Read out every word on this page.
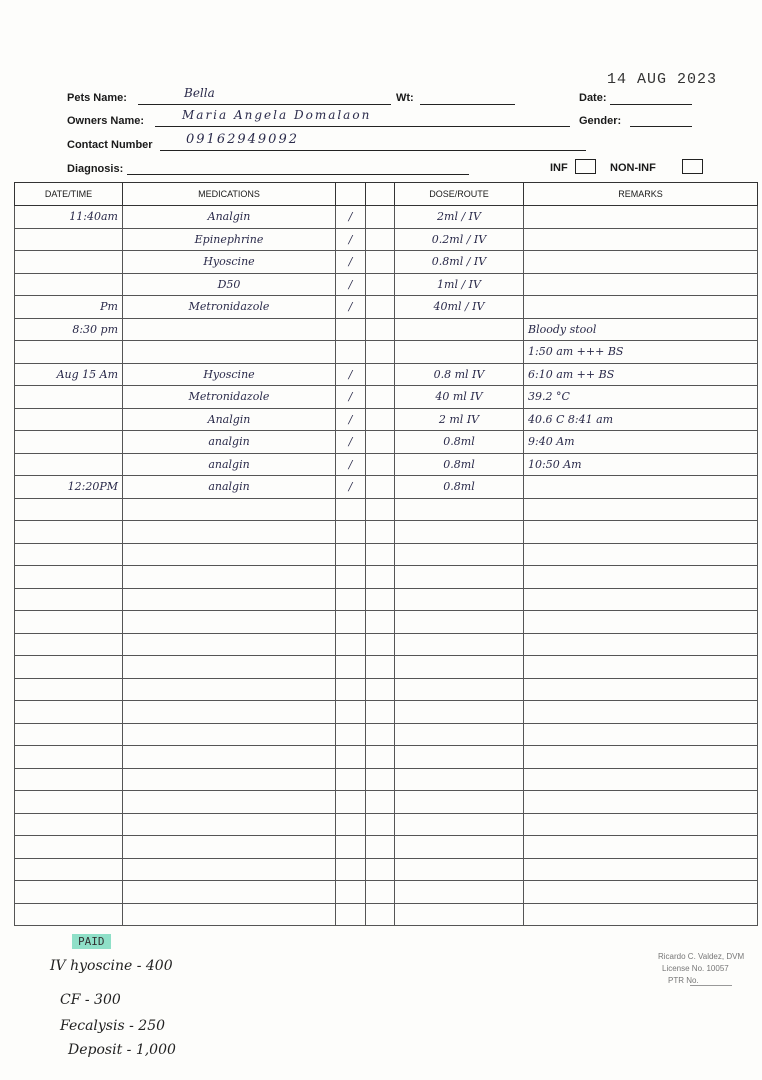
Pets Name:	Bella	Wt:	Date:
14 AUG 2023
Owners Name:	Maria Angela Domalaon	Gender:
Contact Number	09162949092
Diagnosis:	INF	NON-INF
DATE/TIME	MEDICATIONS			DOSE/ROUTE	REMARKS
11:40am	Analgin	/		2ml / IV	
	Epinephrine	/		0.2ml / IV	
	Hyoscine	/		0.8ml / IV	
	D50	/		1ml / IV	
Pm	Metronidazole	/		40ml / IV	
8:30 pm					Bloody stool
					1:50 am +++ BS
Aug 15 Am	Hyoscine	/		0.8 ml IV	6:10 am ++ BS
	Metronidazole	/		40 ml IV	39.2 °C
	Analgin	/		2 ml IV	40.6 C 8:41 am
	analgin	/		0.8ml	9:40 Am
	analgin	/		0.8ml	10:50 Am
12:20PM	analgin	/		0.8ml	

Ricardo C. Valdez, DVM
License No. 10057
PTR No.
PAID
IV hyoscine - 400
CF - 300
Fecalysis - 250
Deposit - 1,000
